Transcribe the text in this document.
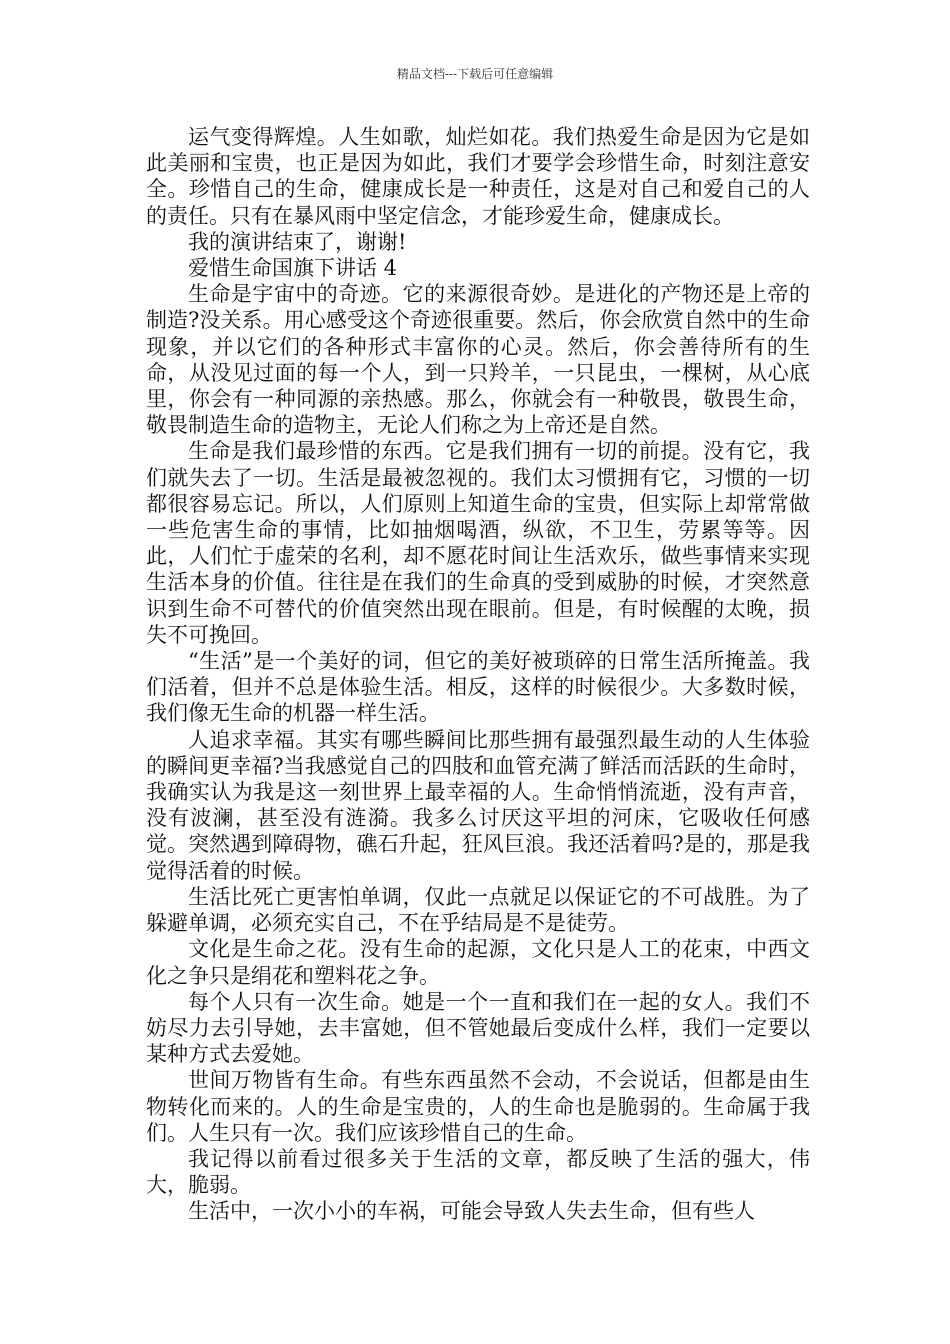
精品文档---下载后可任意编辑

运气变得辉煌。人生如歌，灿烂如花。我们热爱生命是因为它是如此美丽和宝贵，也正是因为如此，我们才要学会珍惜生命，时刻注意安全。珍惜自己的生命，健康成长是一种责任，这是对自己和爱自己的人的责任。只有在暴风雨中坚定信念，才能珍爱生命，健康成长。

我的演讲结束了，谢谢!

爱惜生命国旗下讲话 4

生命是宇宙中的奇迹。它的来源很奇妙。是进化的产物还是上帝的制造?没关系。用心感受这个奇迹很重要。然后，你会欣赏自然中的生命现象，并以它们的各种形式丰富你的心灵。然后，你会善待所有的生命，从没见过面的每一个人，到一只羚羊，一只昆虫，一棵树，从心底里，你会有一种同源的亲热感。那么，你就会有一种敬畏，敬畏生命，敬畏制造生命的造物主，无论人们称之为上帝还是自然。

生命是我们最珍惜的东西。它是我们拥有一切的前提。没有它，我们就失去了一切。生活是最被忽视的。我们太习惯拥有它，习惯的一切都很容易忘记。所以，人们原则上知道生命的宝贵，但实际上却常常做一些危害生命的事情，比如抽烟喝酒，纵欲，不卫生，劳累等等。因此，人们忙于虚荣的名利，却不愿花时间让生活欢乐，做些事情来实现生活本身的价值。往往是在我们的生命真的受到威胁的时候，才突然意识到生命不可替代的价值突然出现在眼前。但是，有时候醒的太晚，损失不可挽回。

“生活”是一个美好的词，但它的美好被琐碎的日常生活所掩盖。我们活着，但并不总是体验生活。相反，这样的时候很少。大多数时候，我们像无生命的机器一样生活。

人追求幸福。其实有哪些瞬间比那些拥有最强烈最生动的人生体验的瞬间更幸福?当我感觉自己的四肢和血管充满了鲜活而活跃的生命时，我确实认为我是这一刻世界上最幸福的人。生命悄悄流逝，没有声音，没有波澜，甚至没有涟漪。我多么讨厌这平坦的河床，它吸收任何感觉。突然遇到障碍物，礁石升起，狂风巨浪。我还活着吗?是的，那是我觉得活着的时候。

生活比死亡更害怕单调，仅此一点就足以保证它的不可战胜。为了躲避单调，必须充实自己，不在乎结局是不是徒劳。

文化是生命之花。没有生命的起源，文化只是人工的花束，中西文化之争只是绢花和塑料花之争。

每个人只有一次生命。她是一个一直和我们在一起的女人。我们不妨尽力去引导她，去丰富她，但不管她最后变成什么样，我们一定要以某种方式去爱她。

世间万物皆有生命。有些东西虽然不会动，不会说话，但都是由生物转化而来的。人的生命是宝贵的，人的生命也是脆弱的。生命属于我们。人生只有一次。我们应该珍惜自己的生命。

我记得以前看过很多关于生活的文章，都反映了生活的强大，伟大，脆弱。

生活中，一次小小的车祸，可能会导致人失去生命，但有些人
